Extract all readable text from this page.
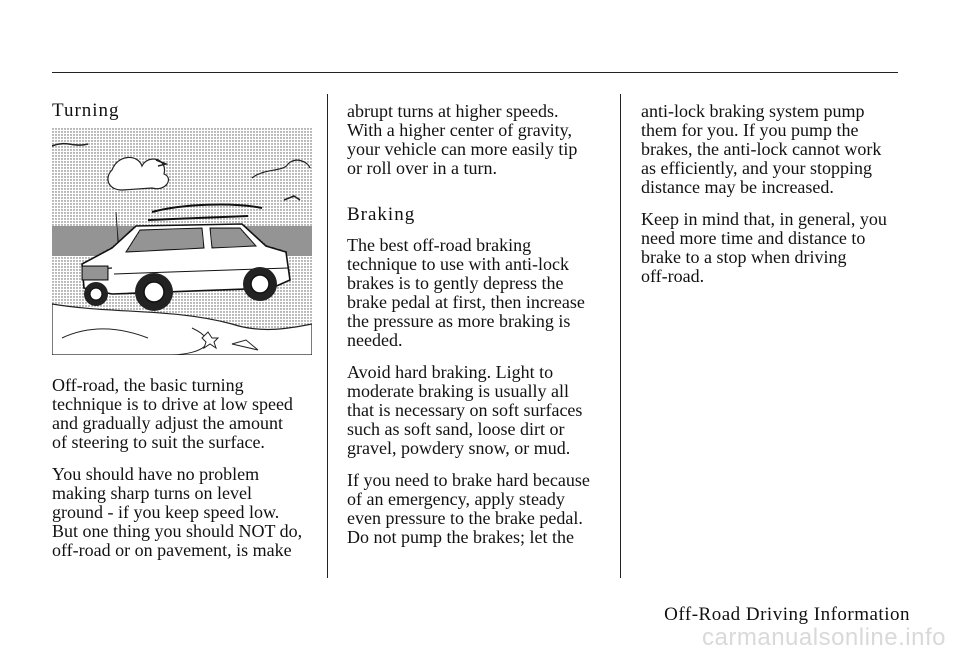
Turning

Off-road, the basic turning
technique is to drive at low speed
and gradually adjust the amount
of steering to suit the surface.

You should have no problem
making sharp turns on level
ground - if you keep speed low.
But one thing you should NOT do,
off-road or on pavement, is make

abrupt turns at higher speeds.
With a higher center of gravity,
your vehicle can more easily tip
or roll over in a turn.

Braking

The best off-road braking
technique to use with anti-lock
brakes is to gently depress the
brake pedal at first, then increase
the pressure as more braking is
needed.

Avoid hard braking. Light to
moderate braking is usually all
that is necessary on soft surfaces
such as soft sand, loose dirt or
gravel, powdery snow, or mud.

If you need to brake hard because
of an emergency, apply steady
even pressure to the brake pedal.
Do not pump the brakes; let the

anti-lock braking system pump
them for you. If you pump the
brakes, the anti-lock cannot work
as efficiently, and your stopping
distance may be increased.

Keep in mind that, in general, you
need more time and distance to
brake to a stop when driving
off-road.

Off-Road Driving Information
carmanualsonline.info
